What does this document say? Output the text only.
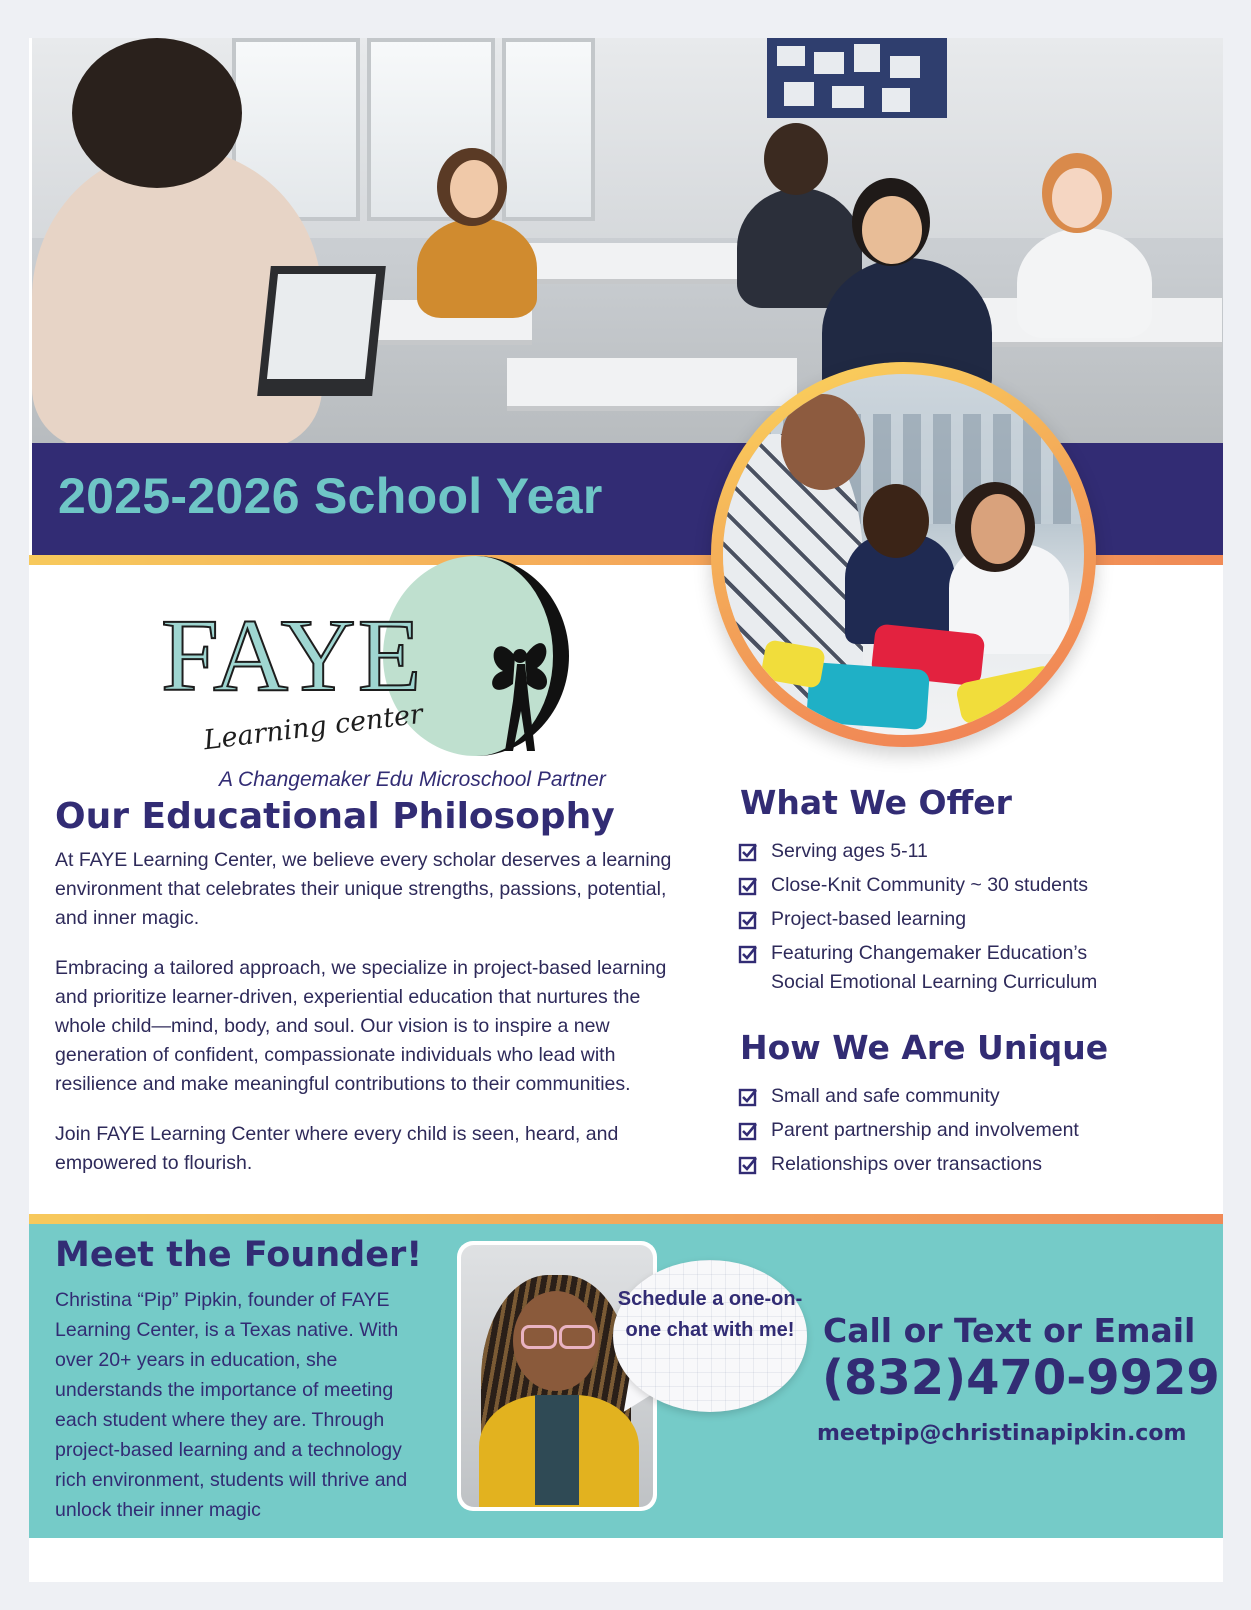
2025-2026 School Year
FAYE
Learning center
A Changemaker Edu Microschool Partner
Our Educational Philosophy

At FAYE Learning Center, we believe every scholar deserves a learning environment that celebrates their unique strengths, passions, potential, and inner magic.

Embracing a tailored approach, we specialize in project-based learning and prioritize learner-driven, experiential education that nurtures the whole child—mind, body, and soul. Our vision is to inspire a new generation of confident, compassionate individuals who lead with resilience and make meaningful contributions to their communities.

Join FAYE Learning Center where every child is seen, heard, and empowered to flourish.

What We Offer
Serving ages 5-11
Close-Knit Community ~ 30 students
Project-based learning
Featuring Changemaker Education’s Social Emotional Learning Curriculum
How We Are Unique
Small and safe community
Parent partnership and involvement
Relationships over transactions
Meet the Founder!

Christina “Pip” Pipkin, founder of FAYE Learning Center, is a Texas native. With over 20+ years in education, she understands the importance of meeting each student where they are. Through project-based learning and a technology rich environment, students will thrive and unlock their inner magic

Schedule a one-on-one chat with me! Call or Text or Email
(832)470-9929
meetpip@christinapipkin.com
